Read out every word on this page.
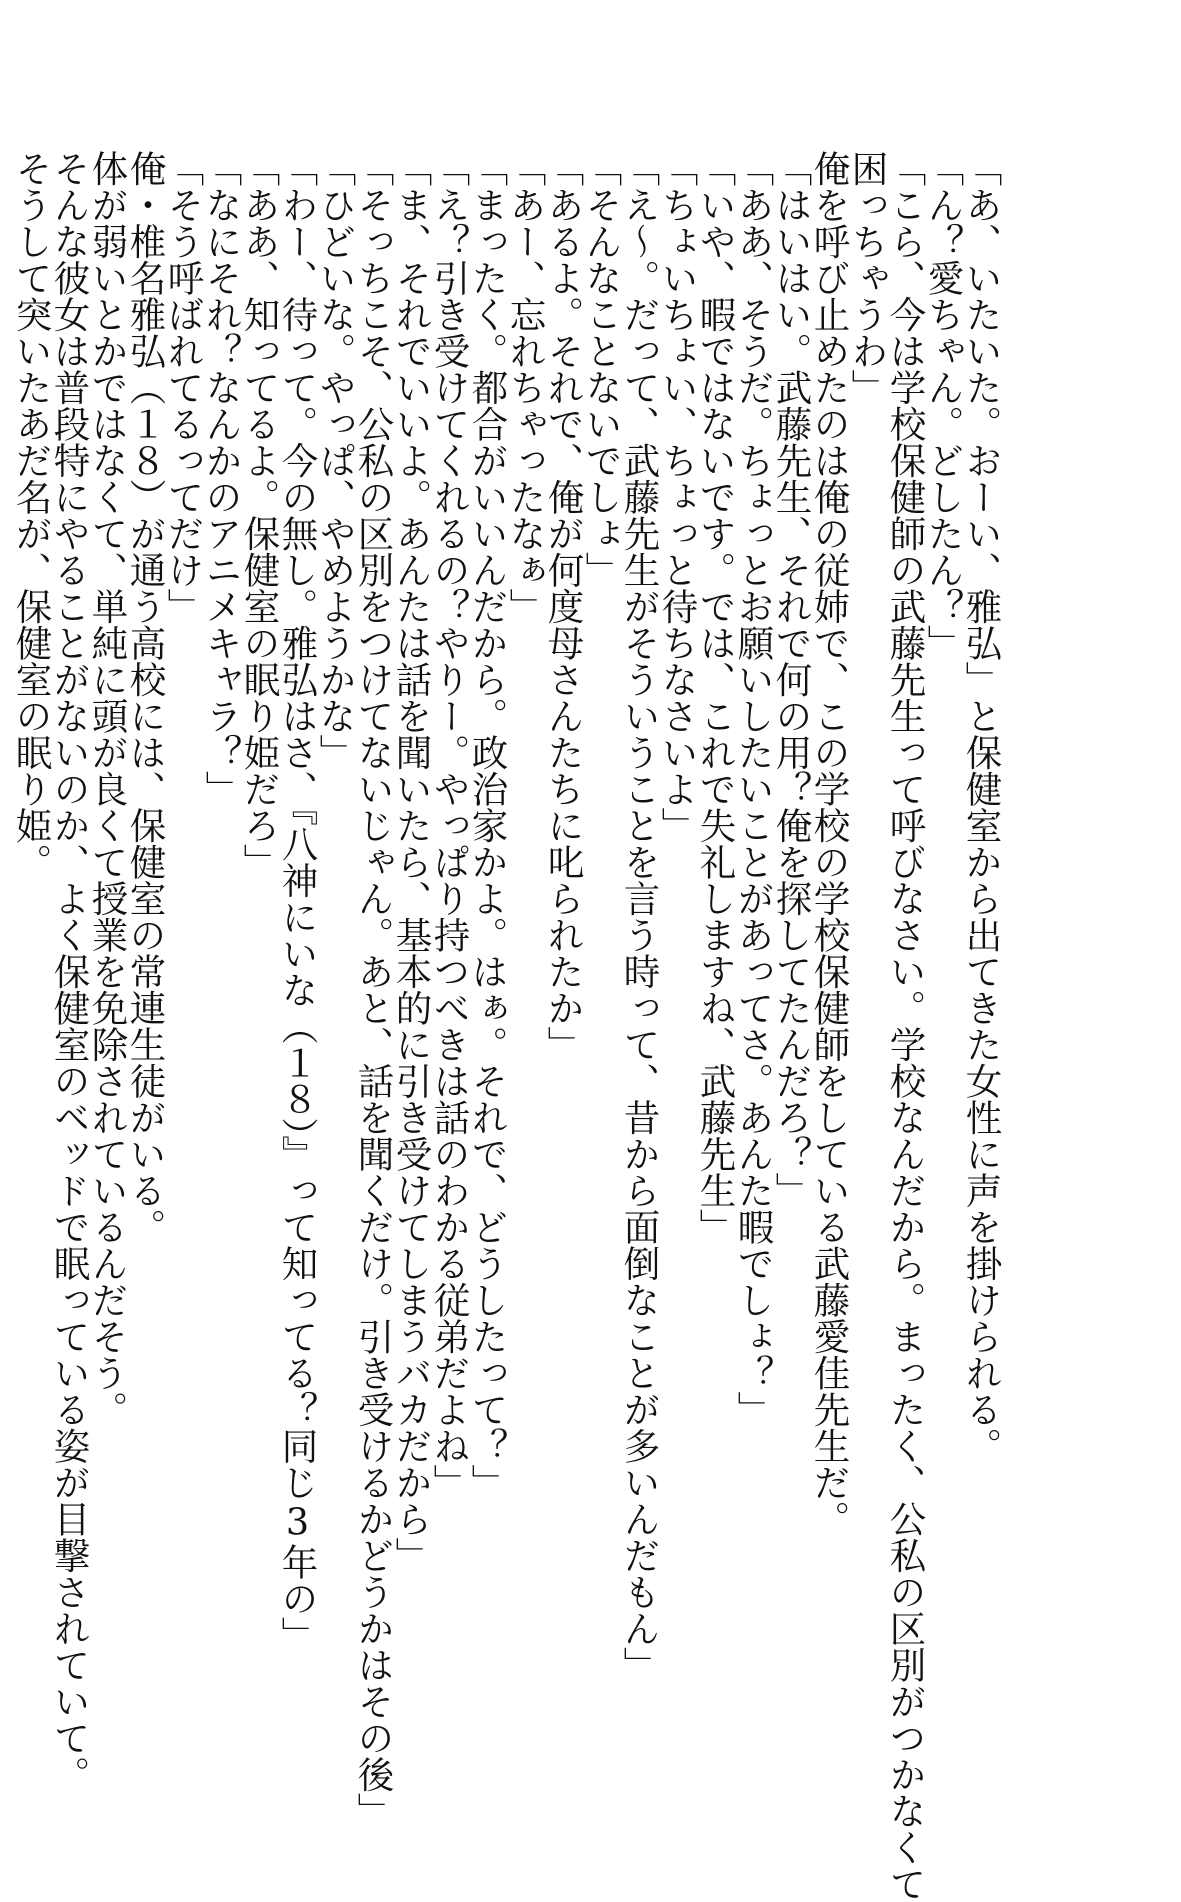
「あ、いたいた。おーい、雅弘」と保健室から出てきた女性に声を掛けられる。
「ん？愛ちゃん。どしたん？」
「こら、今は学校保健師の武藤先生って呼びなさい。学校なんだから。まったく、公私の区別がつかなくて
困っちゃうわ」
俺を呼び止めたのは俺の従姉で、この学校の学校保健師をしている武藤愛佳先生だ。
「はいはい。武藤先生、それで何の用？俺を探してたんだろ？」
「ああ、そうだ。ちょっとお願いしたいことがあってさ。あんた暇でしょ？」
「いや、暇ではないです。では、これで失礼しますね、武藤先生」
「ちょいちょい、ちょっと待ちなさいよ」
「え～。だって、武藤先生がそういうことを言う時って、昔から面倒なことが多いんだもん」
「そんなことないでしょ」
「あるよ。それで、俺が何度母さんたちに叱られたか」
「あー、忘れちゃったなぁ」
「まったく。都合がいいんだから。政治家かよ。はぁ。それで、どうしたって？」
「え？引き受けてくれるの？やりー。やっぱり持つべきは話のわかる従弟だよね」
「ま、それでいいよ。あんたは話を聞いたら、基本的に引き受けてしまうバカだから」
「そっちこそ、公私の区別をつけてないじゃん。あと、話を聞くだけ。引き受けるかどうかはその後」
「ひどいな。やっぱ、やめようかな」
「わー、待って。今の無し。雅弘はさ、『八神にいな（１８）』って知ってる？同じ3年の」
「ああ、知ってるよ。保健室の眠り姫だろ」
「なにそれ？なんかのアニメキャラ？」
「そう呼ばれてるってだけ」
俺・椎名雅弘（１８）が通う高校には、保健室の常連生徒がいる。
体が弱いとかではなくて、単純に頭が良くて授業を免除されているんだそう。
そんな彼女は普段特にやることがないのか、よく保健室のベッドで眠っている姿が目撃されていて。
そうして突いたあだ名が、保健室の眠り姫。
